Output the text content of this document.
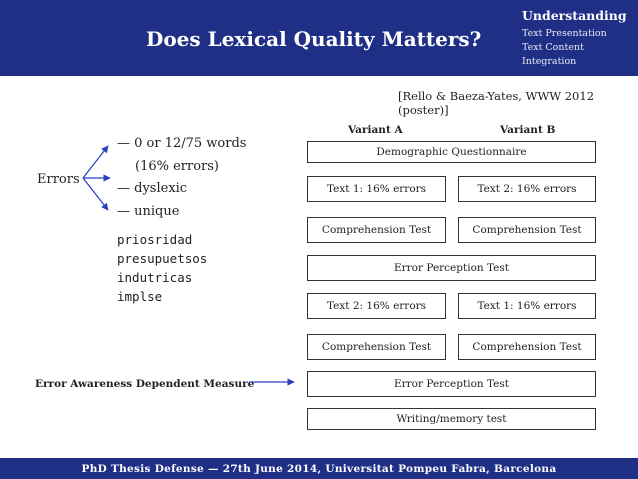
Does Lexical Quality Matters?
Understanding
Text Presentation
Text Content
Integration
[Rello & Baeza-Yates, WWW 2012 (poster)]
Errors
— 0 or 12/75 words
(16% errors)
— dyslexic
— unique
priosridad
presupuetsos
indutricas
implse
Variant A	Variant B
Demographic Questionnaire
Text 1: 16% errors	Text 2: 16% errors
Comprehension Test	Comprehension Test
Error Perception Test
Text 2: 16% errors	Text 1: 16% errors
Comprehension Test	Comprehension Test
Error Perception Test
Writing/memory test
Error Awareness Dependent Measure
PhD Thesis Defense — 27th June 2014, Universitat Pompeu Fabra, Barcelona
